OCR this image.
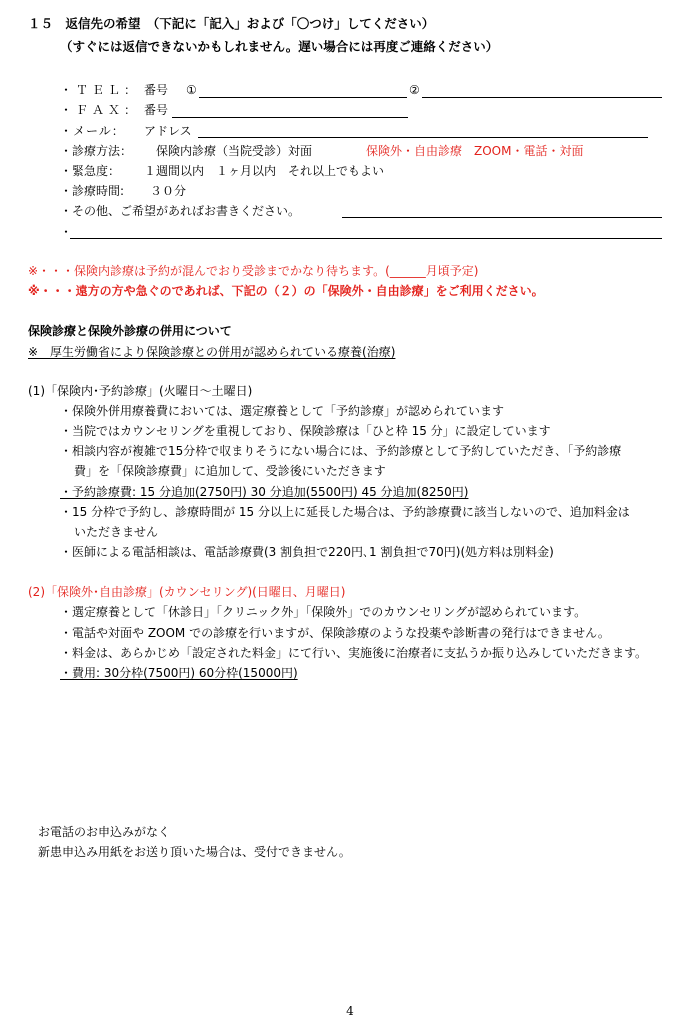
１５　返信先の希望　（下記に「記入」および「〇つけ」してください）
（すぐには返信できないかもしれません。遅い場合には再度ご連絡ください）
・ＴＥＬ： 番号 ①	②
・ＦＡＸ： 番号
・メール： アドレス
・診療方法： 保険内診療（当院受診）対面	保険外・自由診療　ZOOM・電話・対面
・緊急度： １週間以内　１ヶ月以内　それ以上でもよい
・診療時間: ３０分
・その他、ご希望があればお書きください。
・
※・・・保険内診療は予約が混んでおり受診までかなり待ちます。(______月頃予定)
※・・・遠方の方や急ぐのであれば、下記の（２）の「保険外・自由診療」をご利用ください。
保険診療と保険外診療の併用について
※　厚生労働省により保険診療との併用が認められている療養(治療)
(1)「保険内･予約診療」(火曜日～土曜日)
・保険外併用療養費においては、選定療養として「予約診療」が認められています
・当院ではカウンセリングを重視しており、保険診療は「ひと枠 15 分」に設定しています
・相談内容が複雑で15分枠で収まりそうにない場合には、予約診療として予約していただき､「予約診療
費」を「保険診療費」に追加して、受診後にいただきます
・予約診療費: 15 分追加(2750円) 30 分追加(5500円) 45 分追加(8250円)
・15 分枠で予約し、診療時間が 15 分以上に延長した場合は、予約診療費に該当しないので、追加料金は
いただきません
・医師による電話相談は、電話診療費(3 割負担で220円､1 割負担で70円)(処方料は別料金)
(2)「保険外･自由診療」(カウンセリング)(日曜日、月曜日)
・選定療養として「休診日」「クリニック外」「保険外」でのカウンセリングが認められています。
・電話や対面や ZOOM での診療を行いますが、保険診療のような投薬や診断書の発行はできません。
・料金は、あらかじめ「設定された料金」にて行い、実施後に治療者に支払うか振り込みしていただきます。
・費用: 30分枠(7500円) 60分枠(15000円)
お電話のお申込みがなく
新患申込み用紙をお送り頂いた場合は、受付できません。
4
